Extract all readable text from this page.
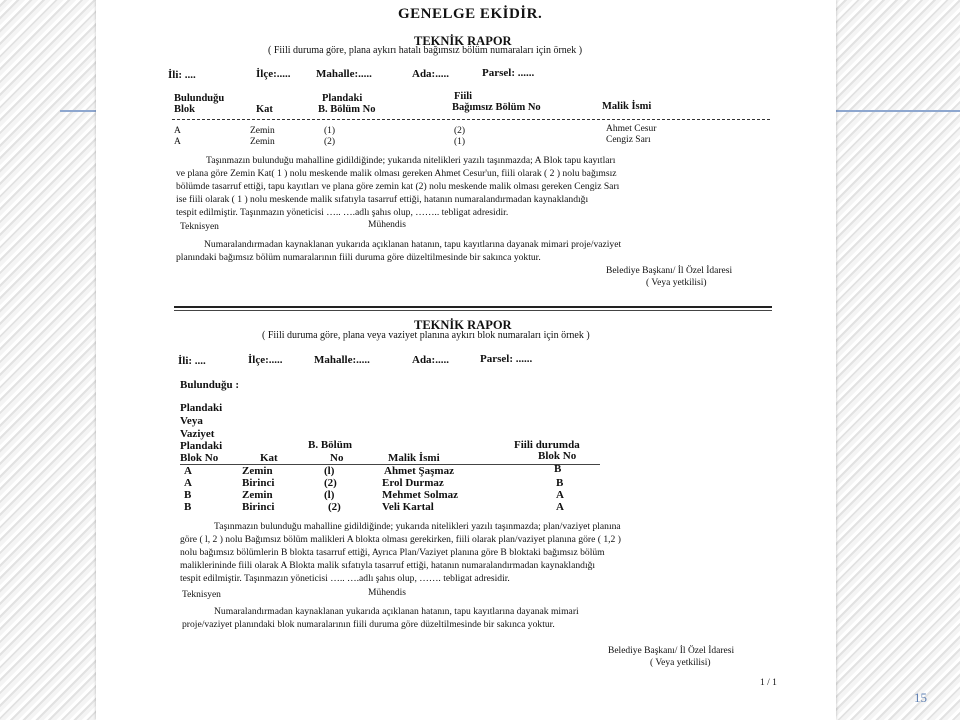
15
GENELGE EKİDİR.
TEKNİK RAPOR
( Fiili duruma göre, plana aykırı hatalı bağımsız bölüm numaraları için örnek )
İli: ....	İlçe:..... Mahalle:.....	Ada:.....	Parsel: ......
Bulunduğu
Blok	Kat
Plandaki
B. Bölüm No
Fiili
Bağımsız Bölüm No	Malik İsmi
A	Zemin	(1)	(2)	Ahmet Cesur
A	Zemin	(2)	(1)	Cengiz Sarı
Taşınmazın bulunduğu mahalline gidildiğinde; yukarıda nitelikleri yazılı taşınmazda; A Blok tapu kayıtları
ve plana göre Zemin Kat( 1 ) nolu meskende malik olması gereken Ahmet Cesur'un, fiili olarak ( 2 ) nolu bağımsız
bölümde tasarruf ettiği, tapu kayıtları ve plana göre zemin kat (2) nolu meskende malik olması gereken Cengiz Sarı
ise fiili olarak ( 1 ) nolu meskende malik sıfatıyla tasarruf ettiği, hatanın numaralandırmadan kaynaklandığı
tespit edilmiştir. Taşınmazın yöneticisi ….. ….adlı şahıs olup, …….. tebligat adresidir.
Teknisyen	Mühendis
Numaralandırmadan kaynaklanan yukarıda açıklanan hatanın, tapu kayıtlarına dayanak mimari proje/vaziyet
planındaki bağımsız bölüm numaralarının fiili duruma göre düzeltilmesinde bir sakınca yoktur.
Belediye Başkanı/ İl Özel İdaresi
( Veya yetkilisi)
TEKNİK RAPOR
( Fiili duruma göre, plana veya vaziyet planına aykırı blok numaraları için örnek )
İli: ....	İlçe:.....	Mahalle:.....	Ada:.....	Parsel: ......
Bulunduğu :
Plandaki
Veya
Vaziyet
Plandaki
Blok No	Kat
B. Bölüm
No	Malik İsmi
Fiili durumda
Blok No
A	Zemin	(l)	Ahmet Şaşmaz	B
A	Birinci	(2)	Erol Durmaz	B
B	Zemin	(l)	Mehmet Solmaz	A
B	Birinci	(2)	Veli Kartal	A
Taşınmazın bulunduğu mahalline gidildiğinde; yukarıda nitelikleri yazılı taşınmazda; plan/vaziyet planına
göre ( l, 2 ) nolu Bağımsız bölüm malikleri A blokta olması gerekirken, fiili olarak plan/vaziyet planına göre ( 1,2 )
nolu bağımsız bölümlerin B blokta tasarruf ettiği, Ayrıca Plan/Vaziyet planına göre B bloktaki bağımsız bölüm
maliklerininde fiili olarak A Blokta malik sıfatıyla tasarruf ettiği, hatanın numaralandırmadan kaynaklandığı
tespit edilmiştir. Taşınmazın yöneticisi ….. ….adlı şahıs olup, ……. tebligat adresidir.
Teknisyen	Mühendis
Numaralandırmadan kaynaklanan yukarıda açıklanan hatanın, tapu kayıtlarına dayanak mimari
proje/vaziyet planındaki blok numaralarının fiili duruma göre düzeltilmesinde bir sakınca yoktur.
Belediye Başkanı/ İl Özel İdaresi
( Veya yetkilisi)
1 / 1
